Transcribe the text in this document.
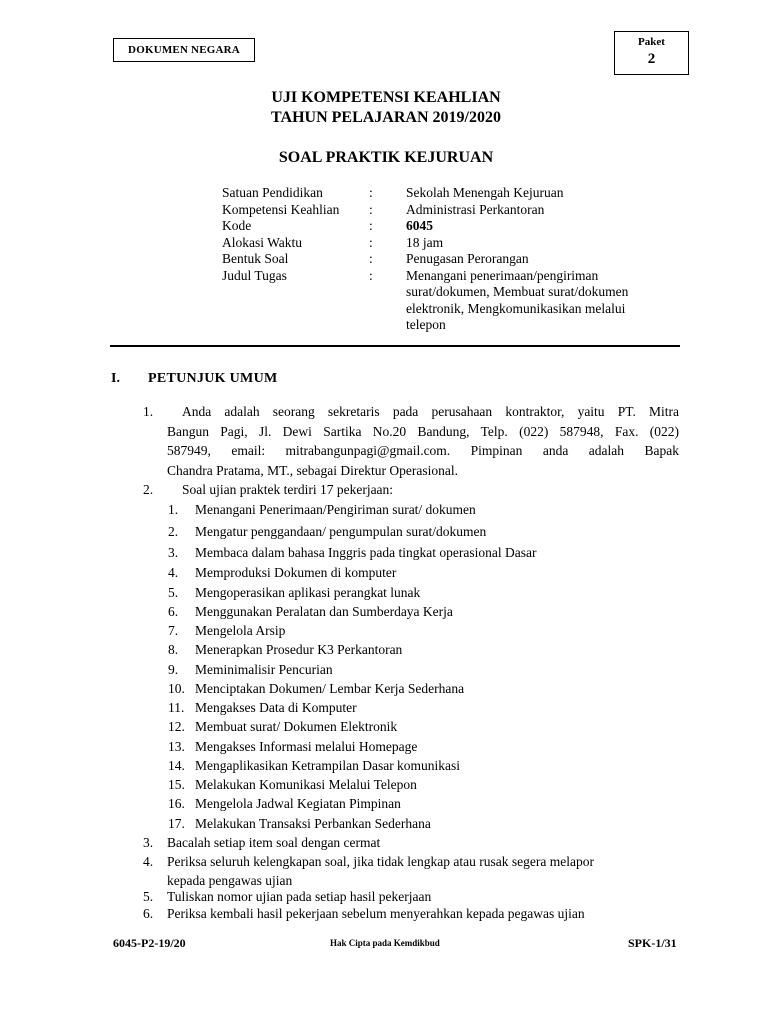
DOKUMEN NEGARA
Paket
2
UJI KOMPETENSI KEAHLIAN
TAHUN PELAJARAN 2019/2020
SOAL PRAKTIK KEJURUAN
Satuan Pendidikan	: Sekolah Menengah Kejuruan
Kompetensi Keahlian : Administrasi Perkantoran
Kode	: 6045
Alokasi Waktu	: 18 jam
Bentuk Soal	: Penugasan Perorangan
Judul Tugas	: Menangani penerimaan/pengiriman
surat/dokumen, Membuat surat/dokumen
elektronik, Mengkomunikasikan melalui
telepon
I. PETUNJUK UMUM
1.	Anda adalah seorang sekretaris pada perusahaan kontraktor, yaitu PT. Mitra
Bangun Pagi, Jl. Dewi Sartika No.20 Bandung, Telp. (022) 587948, Fax. (022)
587949, email: mitrabangunpagi@gmail.com. Pimpinan anda adalah Bapak
Chandra Pratama, MT., sebagai Direktur Operasional.
2. Soal ujian praktek terdiri 17 pekerjaan:
1.	Menangani Penerimaan/Pengiriman surat/ dokumen
2.	Mengatur penggandaan/ pengumpulan surat/dokumen
3.	Membaca dalam bahasa Inggris pada tingkat operasional Dasar
4.	Memproduksi Dokumen di komputer
5.	Mengoperasikan aplikasi perangkat lunak
6.	Menggunakan Peralatan dan Sumberdaya Kerja
7.	Mengelola Arsip
8.	Menerapkan Prosedur K3 Perkantoran
9.	Meminimalisir Pencurian
10. Menciptakan Dokumen/ Lembar Kerja Sederhana
11. Mengakses Data di Komputer
12. Membuat surat/ Dokumen Elektronik
13. Mengakses Informasi melalui Homepage
14. Mengaplikasikan Ketrampilan Dasar komunikasi
15. Melakukan Komunikasi Melalui Telepon
16. Mengelola Jadwal Kegiatan Pimpinan
17. Melakukan Transaksi Perbankan Sederhana
3. Bacalah setiap item soal dengan cermat
4. Periksa seluruh kelengkapan soal, jika tidak lengkap atau rusak segera melapor
kepada pengawas ujian
5. Tuliskan nomor ujian pada setiap hasil pekerjaan
6. Periksa kembali hasil pekerjaan sebelum menyerahkan kepada pegawas ujian
6045-P2-19/20	Hak Cipta pada Kemdikbud	SPK-1/31
